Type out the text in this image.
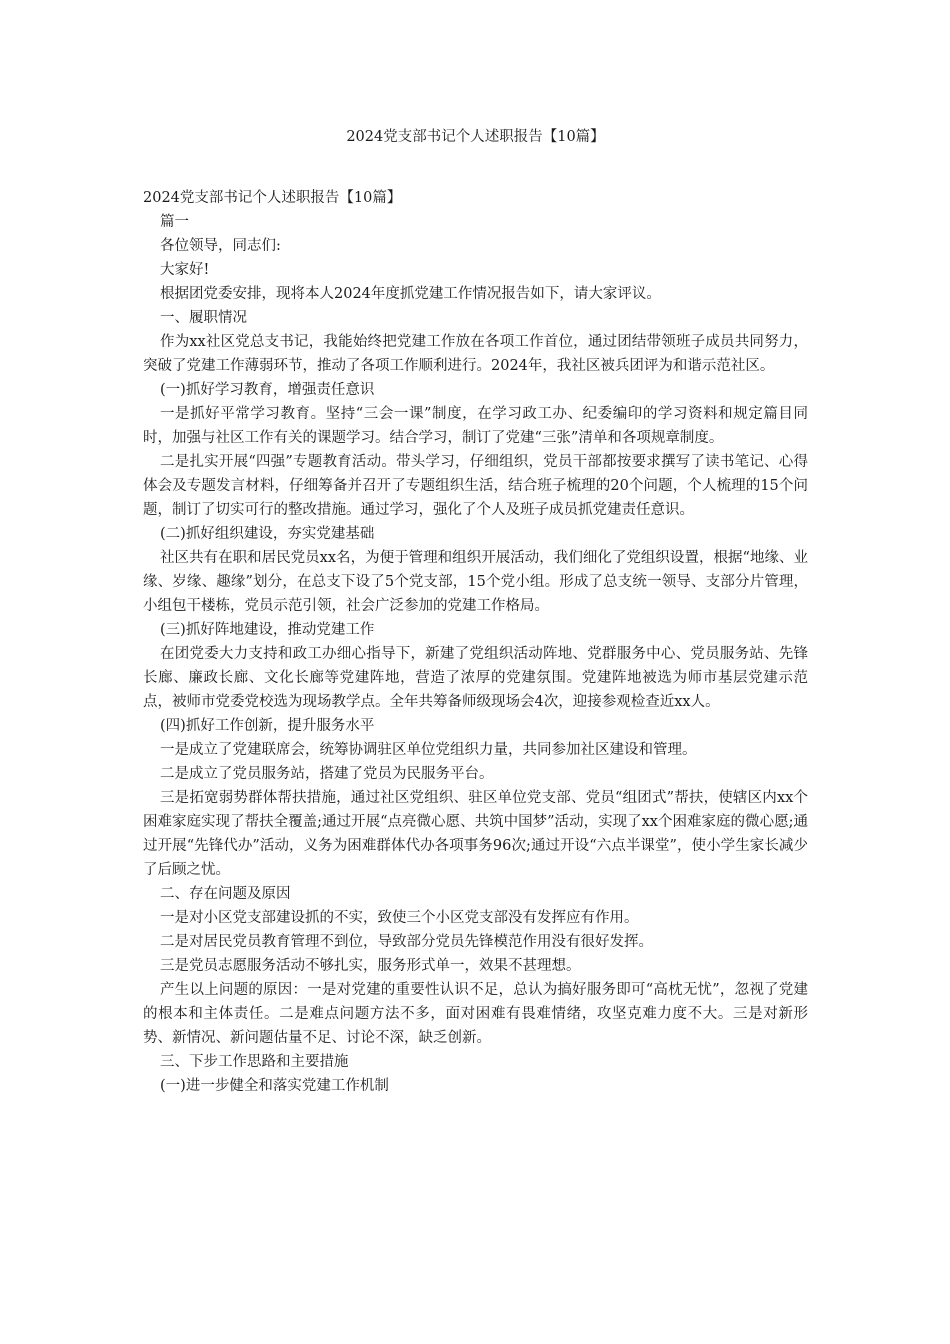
2024党支部书记个人述职报告【10篇】

2024党支部书记个人述职报告【10篇】

篇一

各位领导，同志们:

大家好!

根据团党委安排，现将本人2024年度抓党建工作情况报告如下，请大家评议。

一、履职情况

作为xx社区党总支书记，我能始终把党建工作放在各项工作首位，通过团结带领班子成员共同努力，突破了党建工作薄弱环节，推动了各项工作顺利进行。2024年，我社区被兵团评为和谐示范社区。

(一)抓好学习教育，增强责任意识

一是抓好平常学习教育。坚持“三会一课”制度，在学习政工办、纪委编印的学习资料和规定篇目同时，加强与社区工作有关的课题学习。结合学习，制订了党建“三张”清单和各项规章制度。

二是扎实开展“四强”专题教育活动。带头学习，仔细组织，党员干部都按要求撰写了读书笔记、心得体会及专题发言材料，仔细筹备并召开了专题组织生活，结合班子梳理的20个问题，个人梳理的15个问题，制订了切实可行的整改措施。通过学习，强化了个人及班子成员抓党建责任意识。

(二)抓好组织建设，夯实党建基础

社区共有在职和居民党员xx名，为便于管理和组织开展活动，我们细化了党组织设置，根据“地缘、业缘、岁缘、趣缘”划分，在总支下设了5个党支部，15个党小组。形成了总支统一领导、支部分片管理，小组包干楼栋，党员示范引领，社会广泛参加的党建工作格局。

(三)抓好阵地建设，推动党建工作

在团党委大力支持和政工办细心指导下，新建了党组织活动阵地、党群服务中心、党员服务站、先锋长廊、廉政长廊、文化长廊等党建阵地，营造了浓厚的党建氛围。党建阵地被选为师市基层党建示范点，被师市党委党校选为现场教学点。全年共筹备师级现场会4次，迎接参观检查近xx人。

(四)抓好工作创新，提升服务水平

一是成立了党建联席会，统筹协调驻区单位党组织力量，共同参加社区建设和管理。

二是成立了党员服务站，搭建了党员为民服务平台。

三是拓宽弱势群体帮扶措施，通过社区党组织、驻区单位党支部、党员“组团式”帮扶，使辖区内xx个困难家庭实现了帮扶全覆盖;通过开展“点亮微心愿、共筑中国梦”活动，实现了xx个困难家庭的微心愿;通过开展“先锋代办”活动，义务为困难群体代办各项事务96次;通过开设“六点半课堂”，使小学生家长减少了后顾之忧。

二、存在问题及原因

一是对小区党支部建设抓的不实，致使三个小区党支部没有发挥应有作用。

二是对居民党员教育管理不到位，导致部分党员先锋模范作用没有很好发挥。

三是党员志愿服务活动不够扎实，服务形式单一，效果不甚理想。

产生以上问题的原因：一是对党建的重要性认识不足，总认为搞好服务即可“高枕无忧”，忽视了党建的根本和主体责任。二是难点问题方法不多，面对困难有畏难情绪，攻坚克难力度不大。三是对新形势、新情况、新问题估量不足、讨论不深，缺乏创新。

三、下步工作思路和主要措施

(一)进一步健全和落实党建工作机制
